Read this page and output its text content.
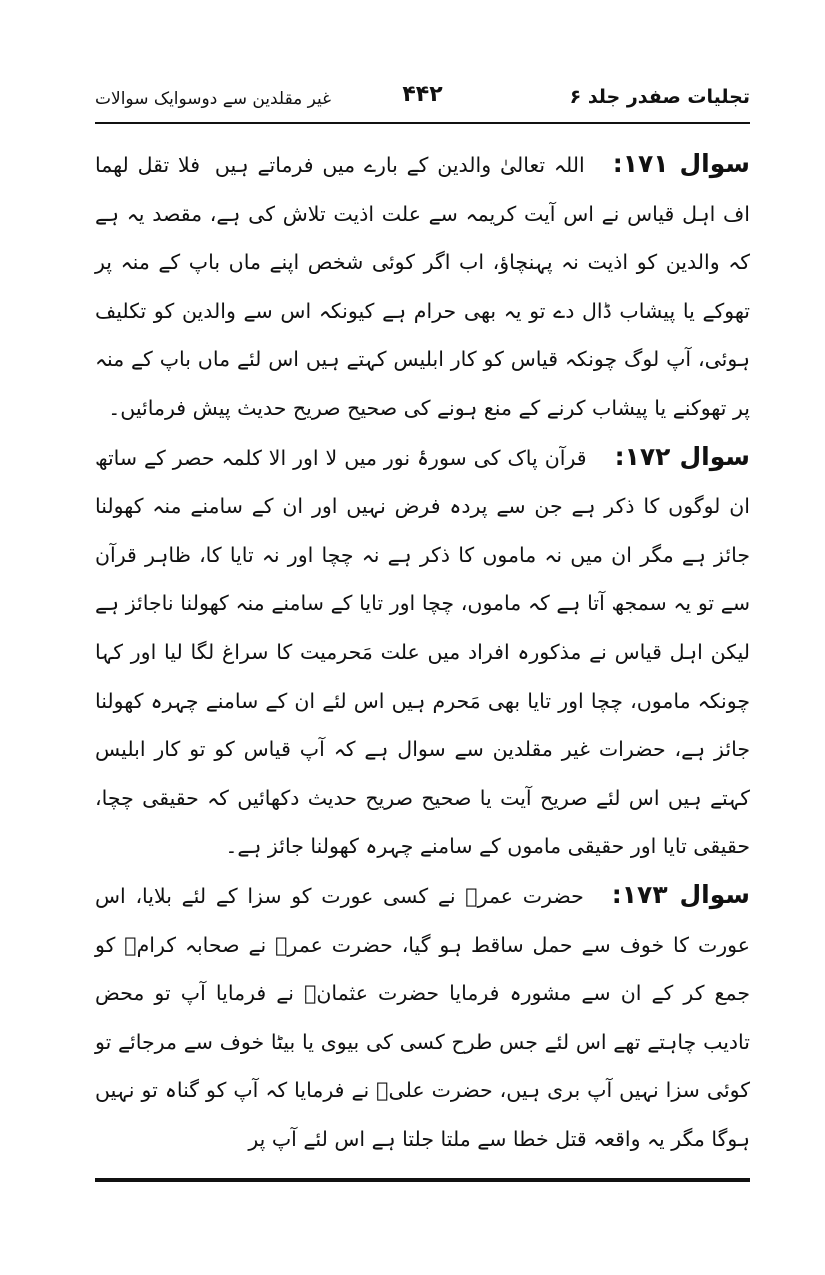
تجلیات صفدر جلد ۶
۴۴۲
غیر مقلدین سے دوسوایک سوالات

سوال ۱۷۱:اللہ تعالیٰ والدین کے بارے میں فرماتے ہیں فلا تقل لھما اف اہل قیاس نے اس آیت کریمہ سے علت اذیت تلاش کی ہے، مقصد یہ ہے کہ والدین کو اذیت نہ پہنچاؤ، اب اگر کوئی شخص اپنے ماں باپ کے منہ پر تھوکے یا پیشاب ڈال دے تو یہ بھی حرام ہے کیونکہ اس سے والدین کو تکلیف ہوئی، آپ لوگ چونکہ قیاس کو کار ابلیس کہتے ہیں اس لئے ماں باپ کے منہ پر تھوکنے یا پیشاب کرنے کے منع ہونے کی صحیح صریح حدیث پیش فرمائیں۔

سوال ۱۷۲:قرآن پاک کی سورۂ نور میں لا اور الا کلمہ حصر کے ساتھ ان لوگوں کا ذکر ہے جن سے پردہ فرض نہیں اور ان کے سامنے منہ کھولنا جائز ہے مگر ان میں نہ ماموں کا ذکر ہے نہ چچا اور نہ تایا کا، ظاہر قرآن سے تو یہ سمجھ آتا ہے کہ ماموں، چچا اور تایا کے سامنے منہ کھولنا ناجائز ہے لیکن اہل قیاس نے مذکورہ افراد میں علت مَحرمیت کا سراغ لگا لیا اور کہا چونکہ ماموں، چچا اور تایا بھی مَحرم ہیں اس لئے ان کے سامنے چہرہ کھولنا جائز ہے، حضرات غیر مقلدین سے سوال ہے کہ آپ قیاس کو تو کار ابلیس کہتے ہیں اس لئے صریح آیت یا صحیح صریح حدیث دکھائیں کہ حقیقی چچا، حقیقی تایا اور حقیقی ماموں کے سامنے چہرہ کھولنا جائز ہے۔

سوال ۱۷۳:حضرت عمرؓ نے کسی عورت کو سزا کے لئے بلایا، اس عورت کا خوف سے حمل ساقط ہو گیا، حضرت عمرؓ نے صحابہ کرامؓ کو جمع کر کے ان سے مشورہ فرمایا حضرت عثمانؓ نے فرمایا آپ تو محض تادیب چاہتے تھے اس لئے جس طرح کسی کی بیوی یا بیٹا خوف سے مرجائے تو کوئی سزا نہیں آپ بری ہیں، حضرت علیؓ نے فرمایا کہ آپ کو گناہ تو نہیں ہوگا مگر یہ واقعہ قتل خطا سے ملتا جلتا ہے اس لئے آپ پر
